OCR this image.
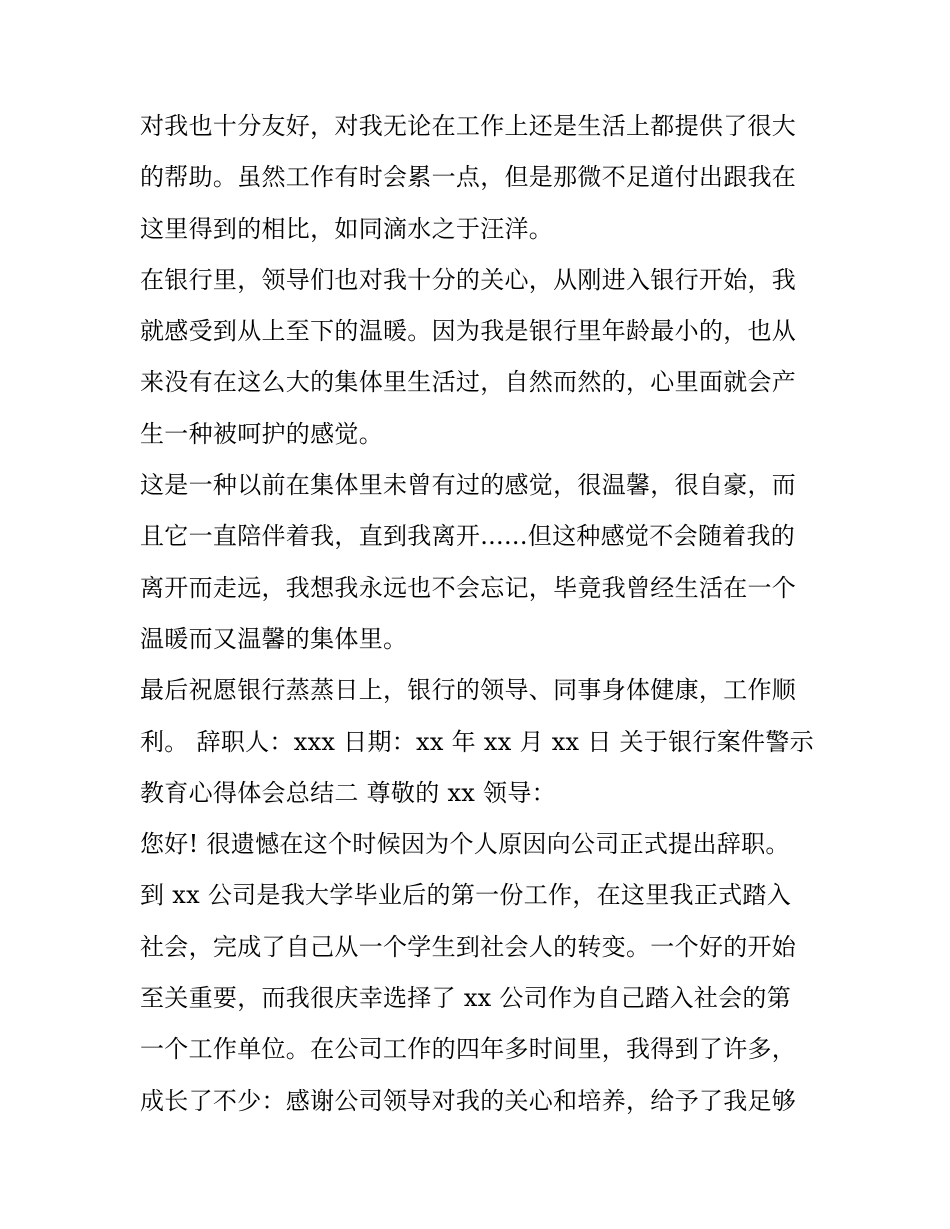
对我也十分友好，对我无论在工作上还是生活上都提供了很大
的帮助。虽然工作有时会累一点，但是那微不足道付出跟我在
这里得到的相比，如同滴水之于汪洋。
在银行里，领导们也对我十分的关心，从刚进入银行开始，我
就感受到从上至下的温暖。因为我是银行里年龄最小的，也从
来没有在这么大的集体里生活过，自然而然的，心里面就会产
生一种被呵护的感觉。
这是一种以前在集体里未曾有过的感觉，很温馨，很自豪，而
且它一直陪伴着我，直到我离开......但这种感觉不会随着我的
离开而走远，我想我永远也不会忘记，毕竟我曾经生活在一个
温暖而又温馨的集体里。
最后祝愿银行蒸蒸日上，银行的领导、同事身体健康，工作顺
利。 辞职人：xxx 日期：xx 年 xx 月 xx 日 关于银行案件警示
教育心得体会总结二 尊敬的 xx 领导：
您好! 很遗憾在这个时候因为个人原因向公司正式提出辞职。
到 xx 公司是我大学毕业后的第一份工作，在这里我正式踏入
社会，完成了自己从一个学生到社会人的转变。一个好的开始
至关重要，而我很庆幸选择了 xx 公司作为自己踏入社会的第
一个工作单位。在公司工作的四年多时间里，我得到了许多，
成长了不少：感谢公司领导对我的关心和培养，给予了我足够
